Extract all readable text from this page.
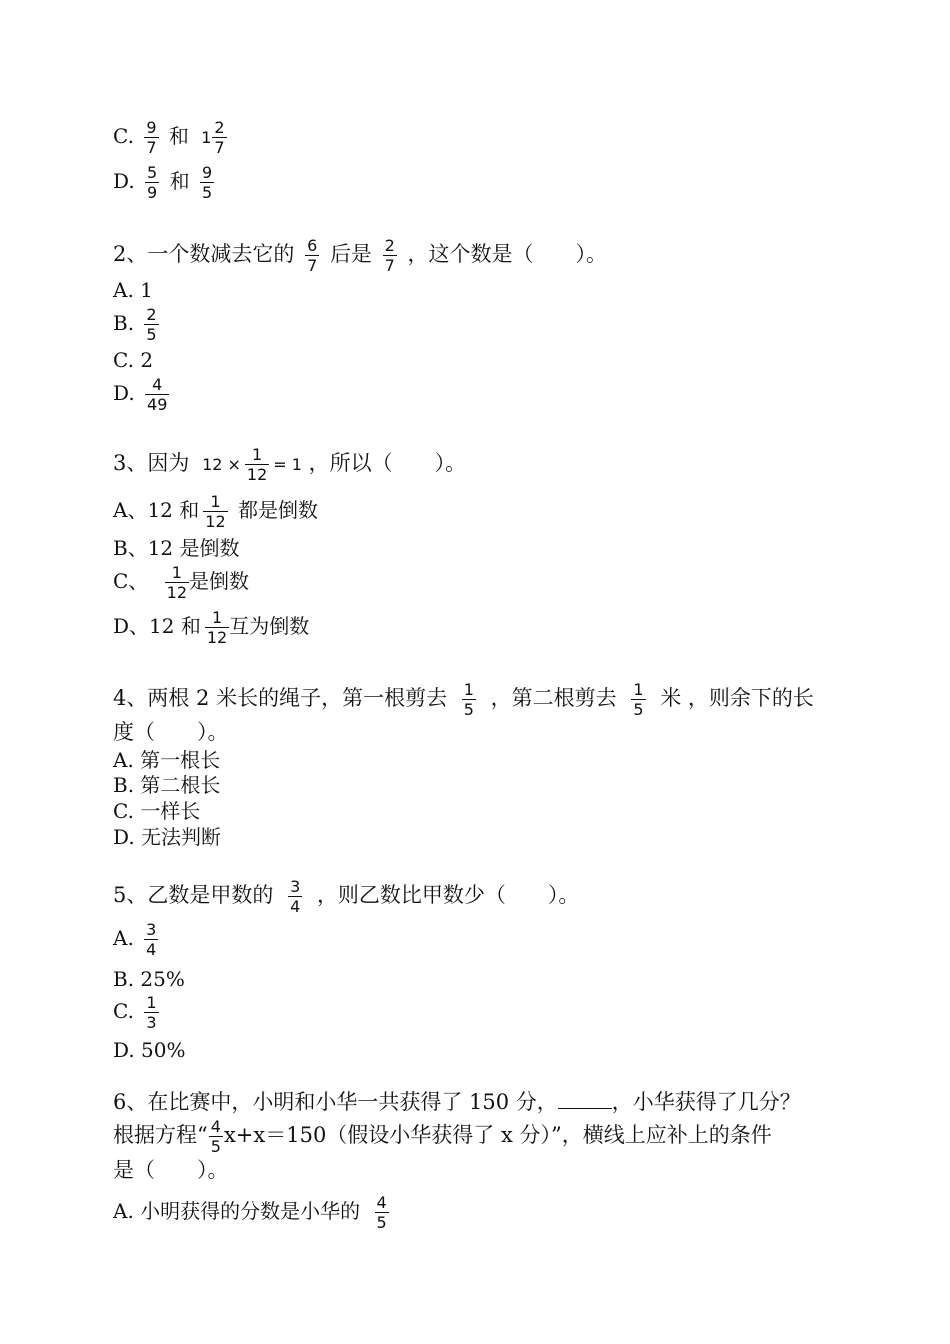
C. $\frac{9}{7}$ 和 $1 \frac{2}{7}$
D. $\frac{5}{9}$ 和 $\frac{9}{5}$
2、一个数减去它的 $\frac{6}{7}$ 后是 $\frac{2}{7}$ ，这个数是（　　）。
A. 1
B. $\frac{2}{5}$
C. 2
D. $\frac{4}{49}$
3、因为 $12 \times \frac{1}{12} = 1$ ，所以（　　）。
A、12 和 $\frac{1}{12}$ 都是倒数
B、12 是倒数
C、 $\frac{1}{12}$ 是倒数
D、12 和 $\frac{1}{12}$ 互为倒数
4、两根 2 米长的绳子，第一根剪去 $\frac{1}{5}$ ，第二根剪去 $\frac{1}{5}$ 米 ，则余下的长
度（　　）。
A. 第一根长
B. 第二根长
C. 一样长
D. 无法判断
5、乙数是甲数的 $\frac{3}{4}$ ，则乙数比甲数少（　　）。
A. $\frac{3}{4}$
B. 25%
C. $\frac{1}{3}$
D. 50%
6、在比赛中，小明和小华一共获得了 150 分，	，小华获得了几分？
根据方程“ $\frac{4}{5} x+x=150$（假设小华获得了 x 分）”，横线上应补上的条件
是（　　）。
A. 小明获得的分数是小华的 $\frac{4}{5}$
